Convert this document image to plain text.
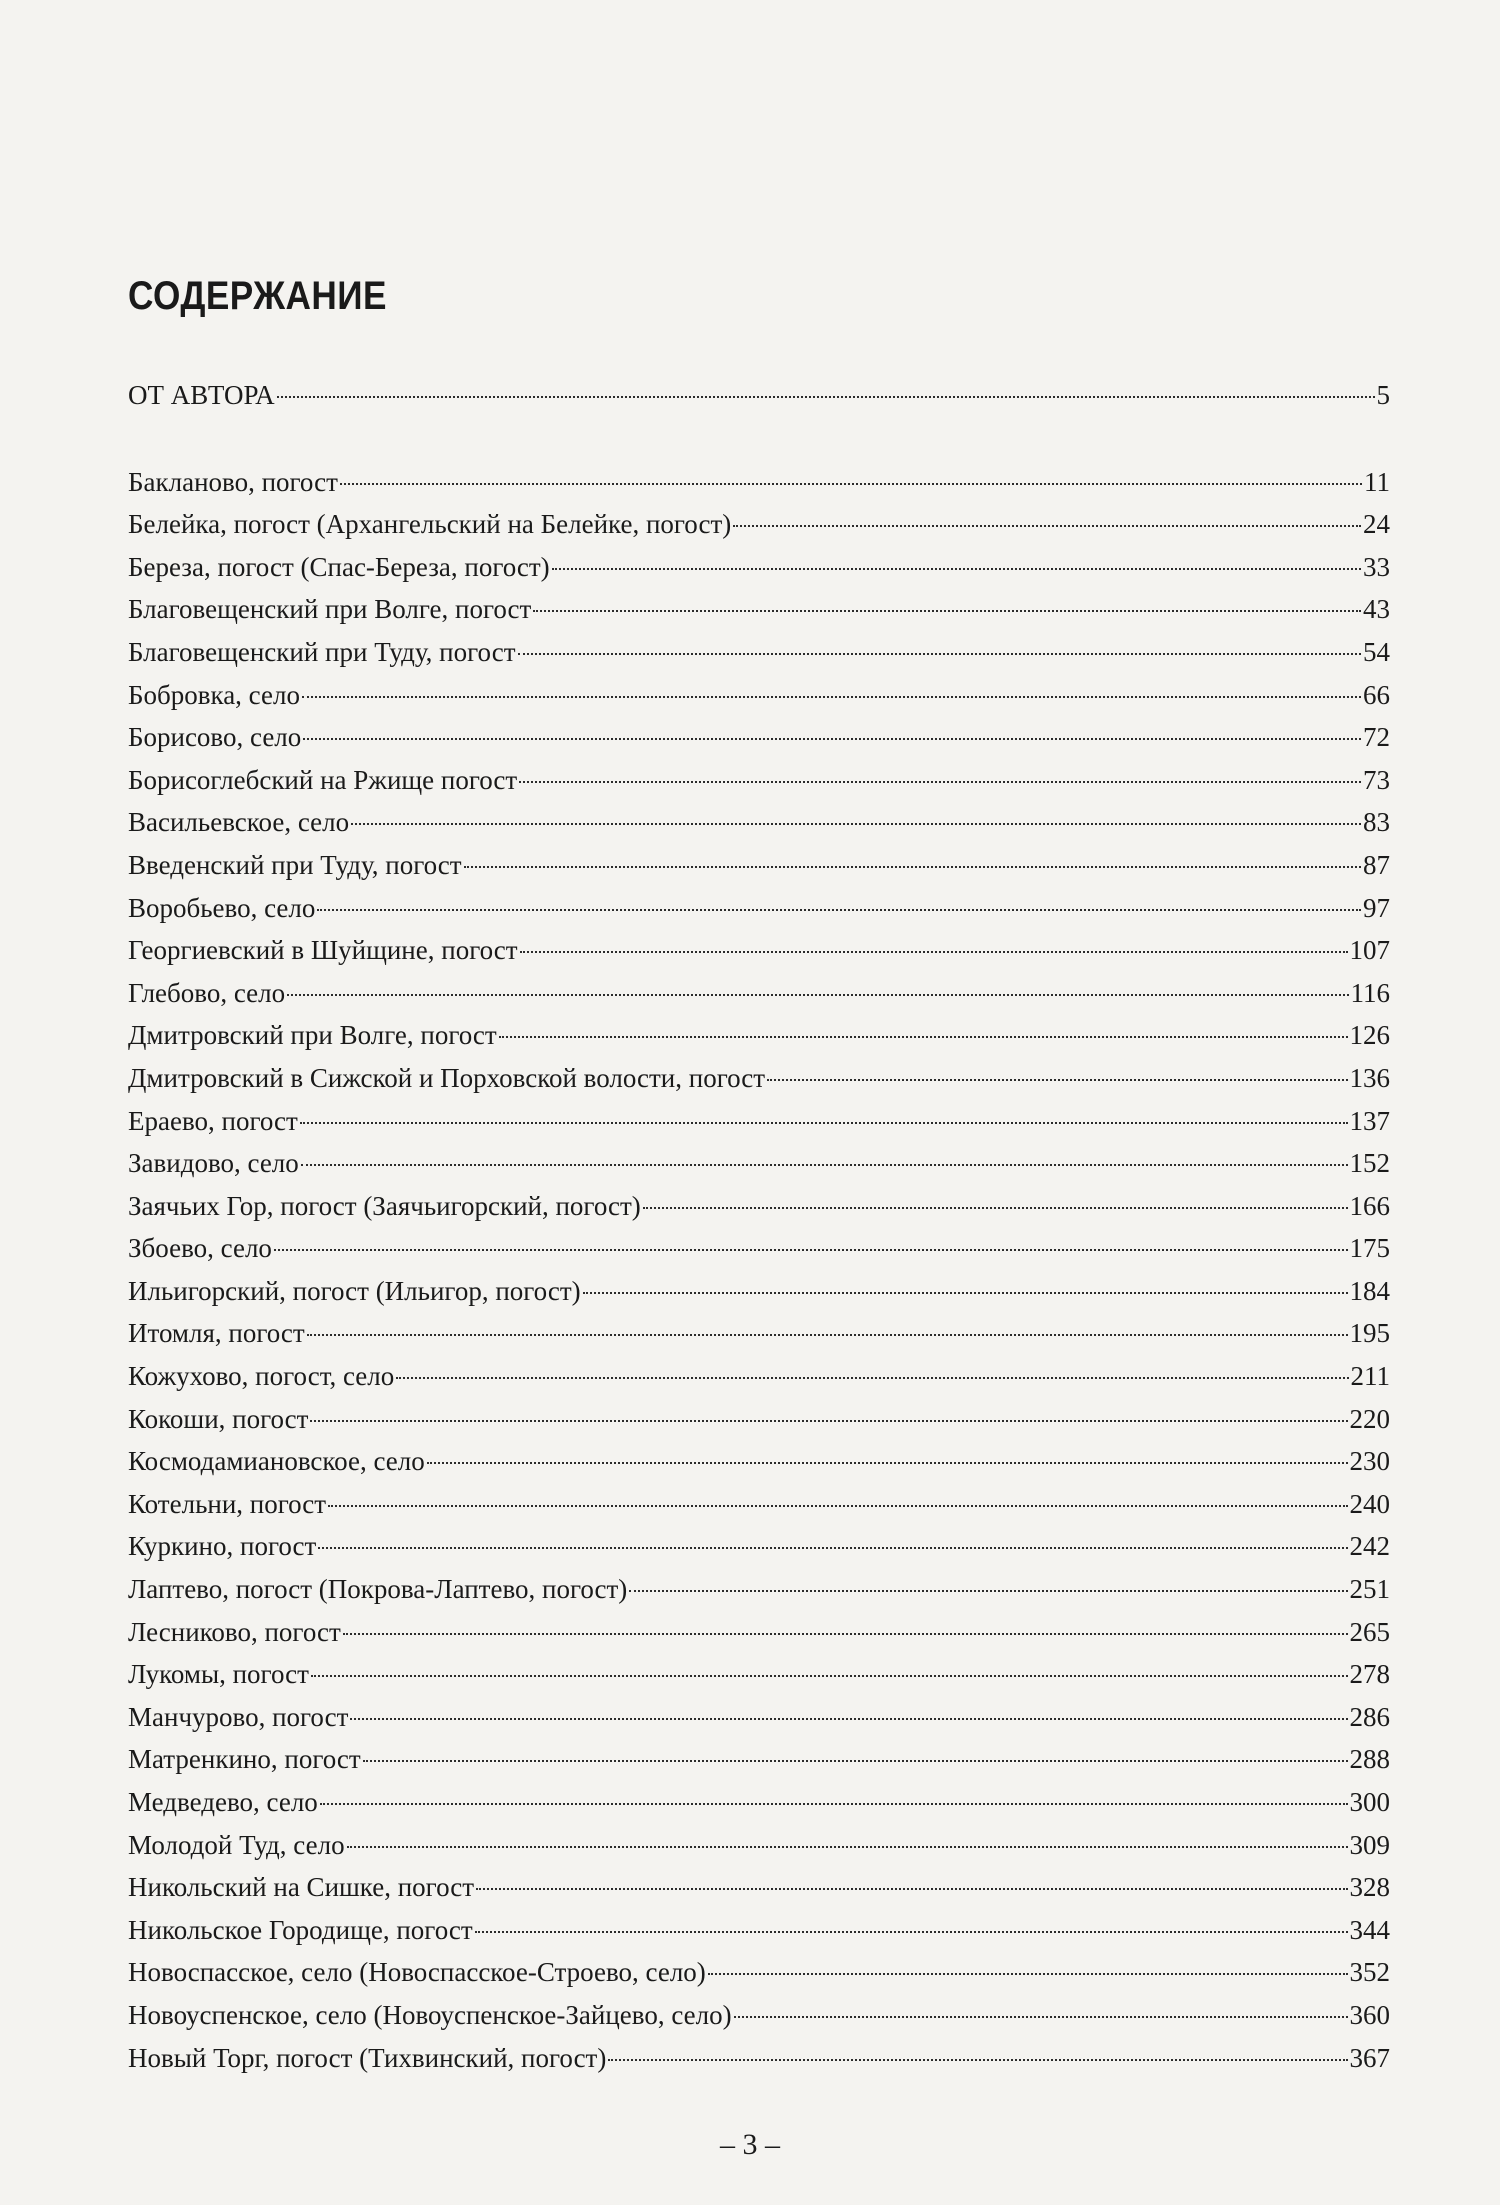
СОДЕРЖАНИЕ
ОТ АВТОРА	5
Бакланово, погост	11
Белейка, погост (Архангельский на Белейке, погост)	24
Береза, погост (Спас-Береза, погост)	33
Благовещенский при Волге, погост	43
Благовещенский при Туду, погост	54
Бобровка, село	66
Борисово, село	72
Борисоглебский на Ржище погост	73
Васильевское, село	83
Введенский при Туду, погост	87
Воробьево, село	97
Георгиевский в Шуйщине, погост	107
Глебово, село	116
Дмитровский при Волге, погост	126
Дмитровский в Сижской и Порховской волости, погост	136
Ераево, погост	137
Завидово, село	152
Заячьих Гор, погост (Заячьигорский, погост)	166
Збоево, село	175
Ильигорский, погост (Ильигор, погост)	184
Итомля, погост	195
Кожухово, погост, село	211
Кокоши, погост	220
Космодамиановское, село	230
Котельни, погост	240
Куркино, погост	242
Лаптево, погост (Покрова-Лаптево, погост)	251
Лесниково, погост	265
Лукомы, погост	278
Манчурово, погост	286
Матренкино, погост	288
Медведево, село	300
Молодой Туд, село	309
Никольский на Сишке, погост	328
Никольское Городище, погост	344
Новоспасское, село (Новоспасское-Строево, село)	352
Новоуспенское, село (Новоуспенское-Зайцево, село)	360
Новый Торг, погост (Тихвинский, погост)	367
– 3 –
